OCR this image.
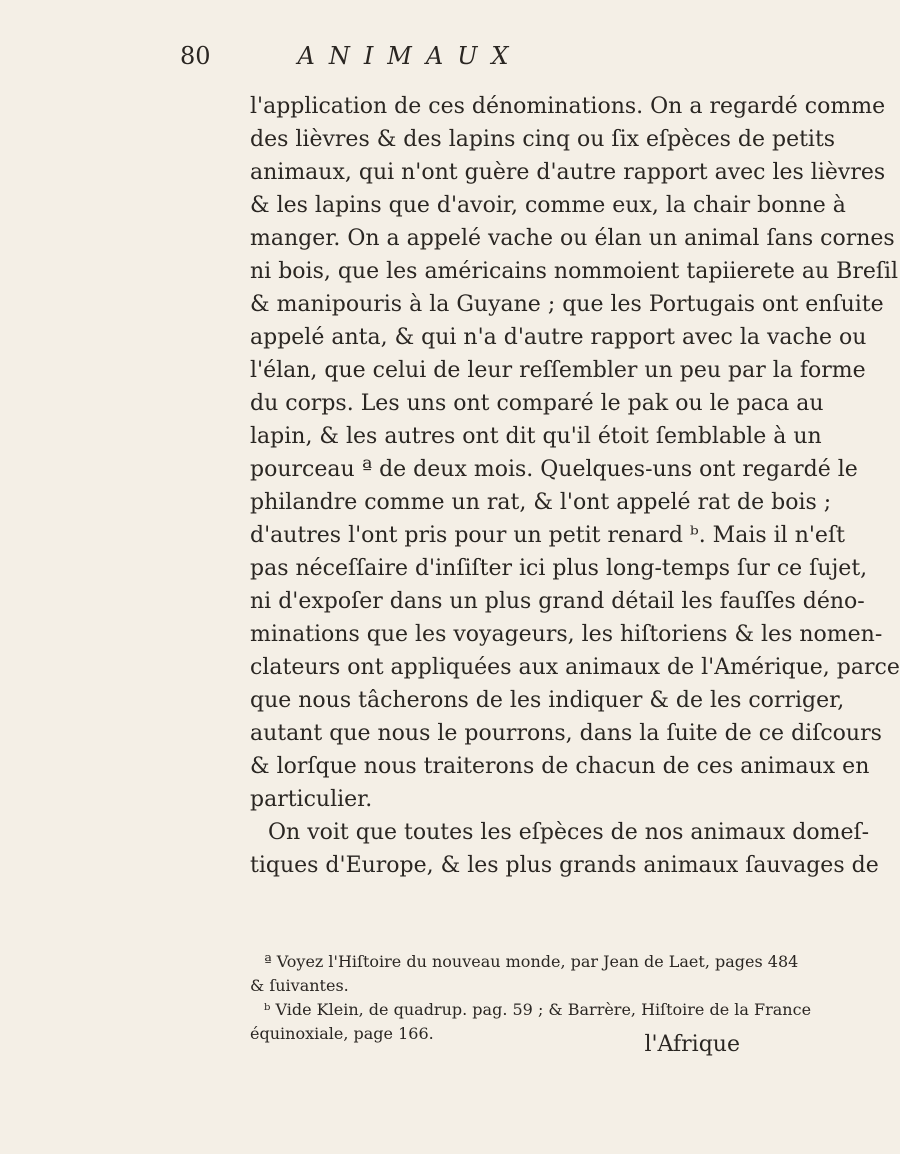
80	ANIMAUX
l'application de ces dénominations. On a regardé comme
des lièvres & des lapins cinq ou ſix eſpèces de petits
animaux, qui n'ont guère d'autre rapport avec les lièvres
& les lapins que d'avoir, comme eux, la chair bonne à
manger. On a appelé vache ou élan un animal ſans cornes
ni bois, que les américains nommoient tapiierete au Breſil
& manipouris à la Guyane ; que les Portugais ont enſuite
appelé anta, & qui n'a d'autre rapport avec la vache ou
l'élan, que celui de leur reſſembler un peu par la forme
du corps. Les uns ont comparé le pak ou le paca au
lapin, & les autres ont dit qu'il étoit ſemblable à un
pourceau ª de deux mois. Quelques-uns ont regardé le
philandre comme un rat, & l'ont appelé rat de bois ;
d'autres l'ont pris pour un petit renard ᵇ. Mais il n'eſt
pas néceſſaire d'inſiſter ici plus long-temps ſur ce ſujet,
ni d'expoſer dans un plus grand détail les fauſſes déno-
minations que les voyageurs, les hiſtoriens & les nomen-
clateurs ont appliquées aux animaux de l'Amérique, parce
que nous tâcherons de les indiquer & de les corriger,
autant que nous le pourrons, dans la ſuite de ce diſcours
& lorſque nous traiterons de chacun de ces animaux en
particulier.
On voit que toutes les eſpèces de nos animaux domeſ-
tiques d'Europe, & les plus grands animaux ſauvages de
ª Voyez l'Hiſtoire du nouveau monde, par Jean de Laet, pages 484
& ſuivantes.
ᵇ Vide Klein, de quadrup. pag. 59 ; & Barrère, Hiſtoire de la France
équinoxiale, page 166.	l'Afrique
